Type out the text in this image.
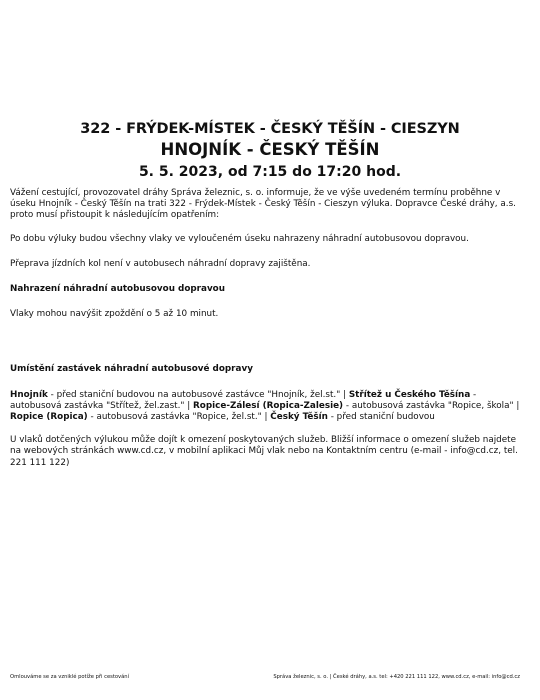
322 - FRÝDEK-MÍSTEK - ČESKÝ TĚŠÍN - CIESZYN
HNOJNÍK - ČESKÝ TĚŠÍN
5. 5. 2023, od 7:15 do 17:20 hod.

Vážení cestující, provozovatel dráhy Správa železnic, s. o. informuje, že ve výše uvedeném termínu proběhne v úseku Hnojník - Český Těšín na trati 322 - Frýdek-Místek - Český Těšín - Cieszyn výluka. Dopravce České dráhy, a.s. proto musí přistoupit k následujícím opatřením:

Po dobu výluky budou všechny vlaky ve vyloučeném úseku nahrazeny náhradní autobusovou dopravou.

Přeprava jízdních kol není v autobusech náhradní dopravy zajištěna.

Nahrazení náhradní autobusovou dopravou

Vlaky mohou navýšit zpoždění o 5 až 10 minut.

Umístění zastávek náhradní autobusové dopravy

Hnojník - před staniční budovou na autobusové zastávce "Hnojník, žel.st." | Střítež u Českého Těšína - autobusová zastávka "Střítež, žel.zast." | Ropice-Zálesí (Ropica-Zalesie) - autobusová zastávka "Ropice, škola" | Ropice (Ropica) - autobusová zastávka "Ropice, žel.st." | Český Těšín - před staniční budovou

U vlaků dotčených výlukou může dojít k omezení poskytovaných služeb. Bližší informace o omezení služeb najdete na webových stránkách www.cd.cz, v mobilní aplikaci Můj vlak nebo na Kontaktním centru (e-mail - info@cd.cz, tel. 221 111 122)

Omlouváme se za vzniklé potíže při cestování	Správa železnic, s. o. | České dráhy, a.s. tel: +420 221 111 122, www.cd.cz, e-mail: info@cd.cz
